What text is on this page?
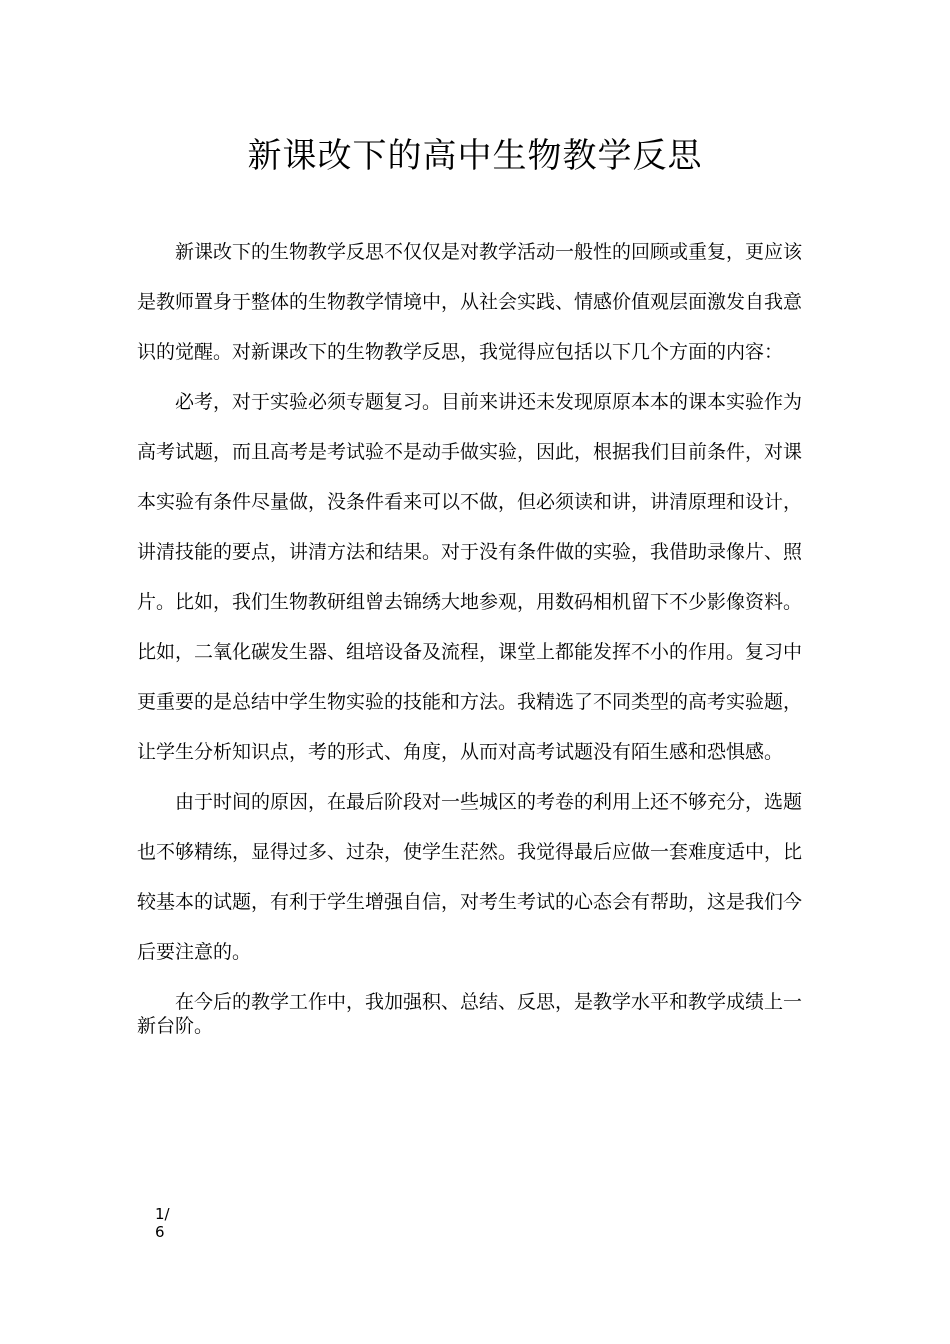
新课改下的高中生物教学反思

新课改下的生物教学反思不仅仅是对教学活动一般性的回顾或重复，更应该是教师置身于整体的生物教学情境中，从社会实践、情感价值观层面激发自我意识的觉醒。对新课改下的生物教学反思，我觉得应包括以下几个方面的内容：

必考，对于实验必须专题复习。目前来讲还未发现原原本本的课本实验作为高考试题，而且高考是考试验不是动手做实验，因此，根据我们目前条件，对课本实验有条件尽量做，没条件看来可以不做，但必须读和讲，讲清原理和设计，讲清技能的要点，讲清方法和结果。对于没有条件做的实验，我借助录像片、照片。比如，我们生物教研组曾去锦绣大地参观，用数码相机留下不少影像资料。比如，二氧化碳发生器、组培设备及流程，课堂上都能发挥不小的作用。复习中更重要的是总结中学生物实验的技能和方法。我精选了不同类型的高考实验题，让学生分析知识点，考的形式、角度，从而对高考试题没有陌生感和恐惧感。

由于时间的原因，在最后阶段对一些城区的考卷的利用上还不够充分，选题也不够精练，显得过多、过杂，使学生茫然。我觉得最后应做一套难度适中，比较基本的试题，有利于学生增强自信，对考生考试的心态会有帮助，这是我们今后要注意的。

在今后的教学工作中，我加强积、总结、反思，是教学水平和教学成绩上一新台阶。

1/
6
